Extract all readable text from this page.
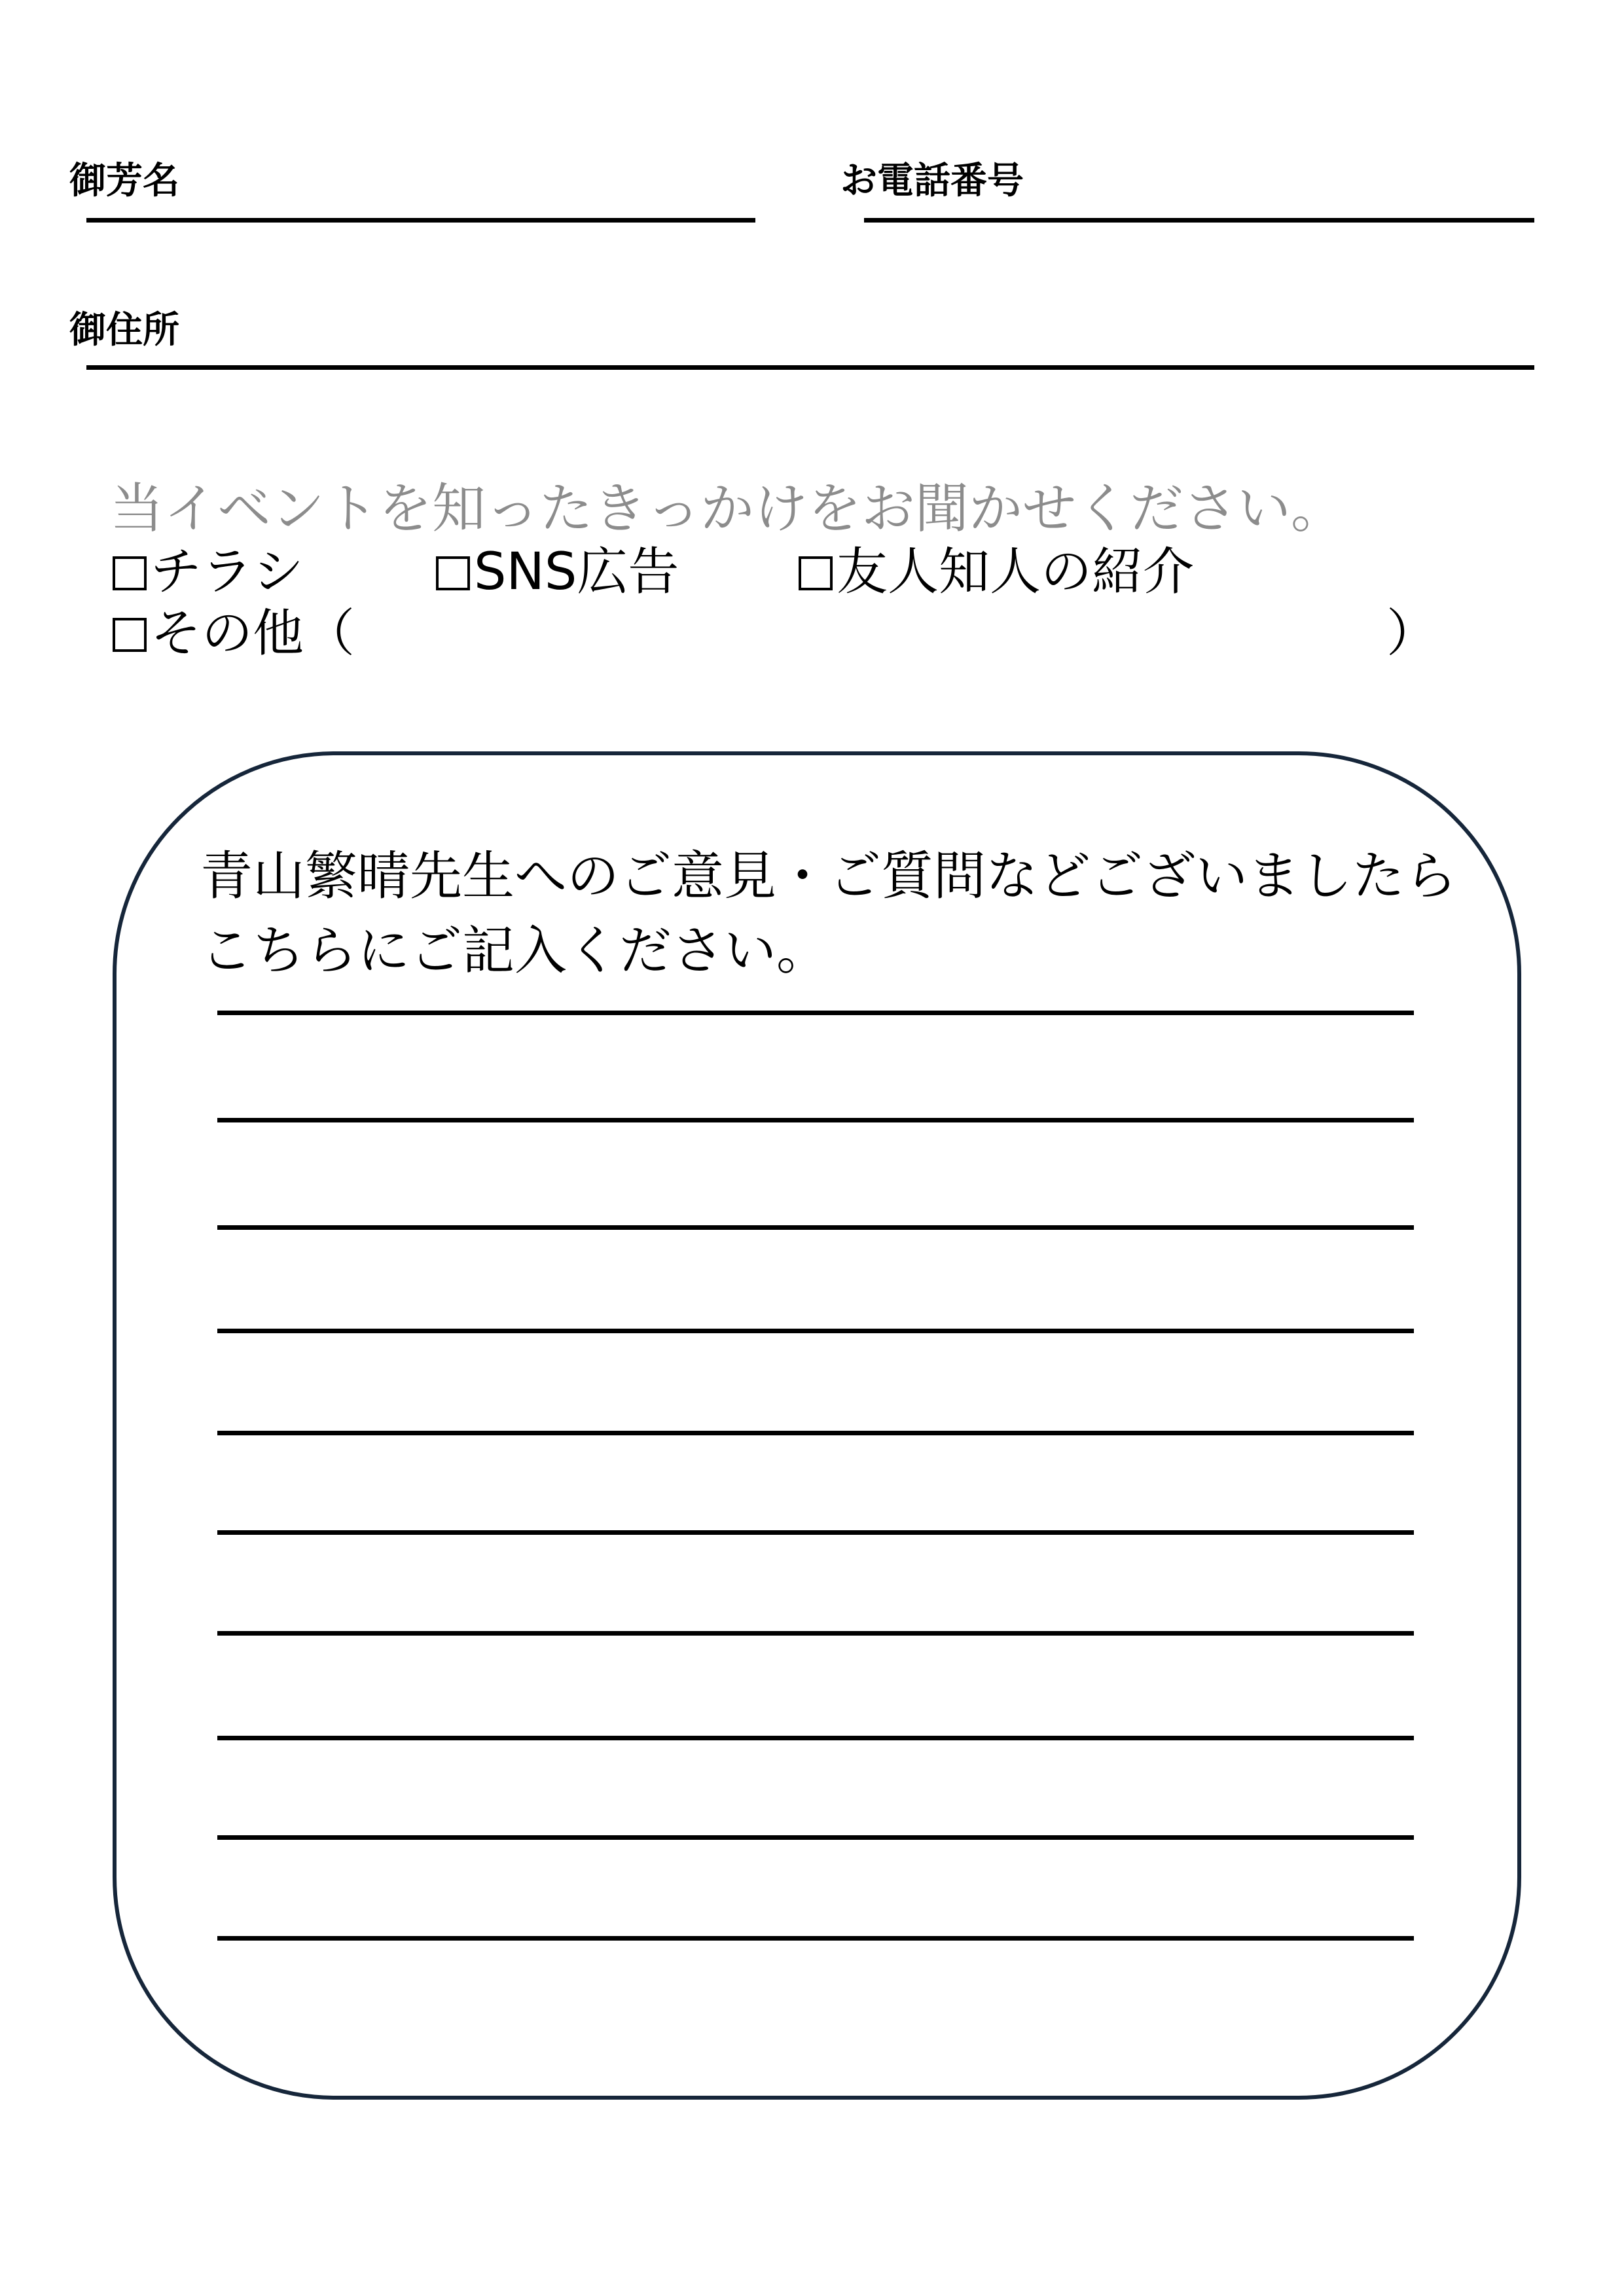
御芳名	お電話番号
御住所
当イベントを知ったきっかけをお聞かせください。
チラシ	SNS広告	友人知人の紹介
その他（	）
青山繁晴先生へのご意見・ご質問などございましたら
こちらにご記入ください。
